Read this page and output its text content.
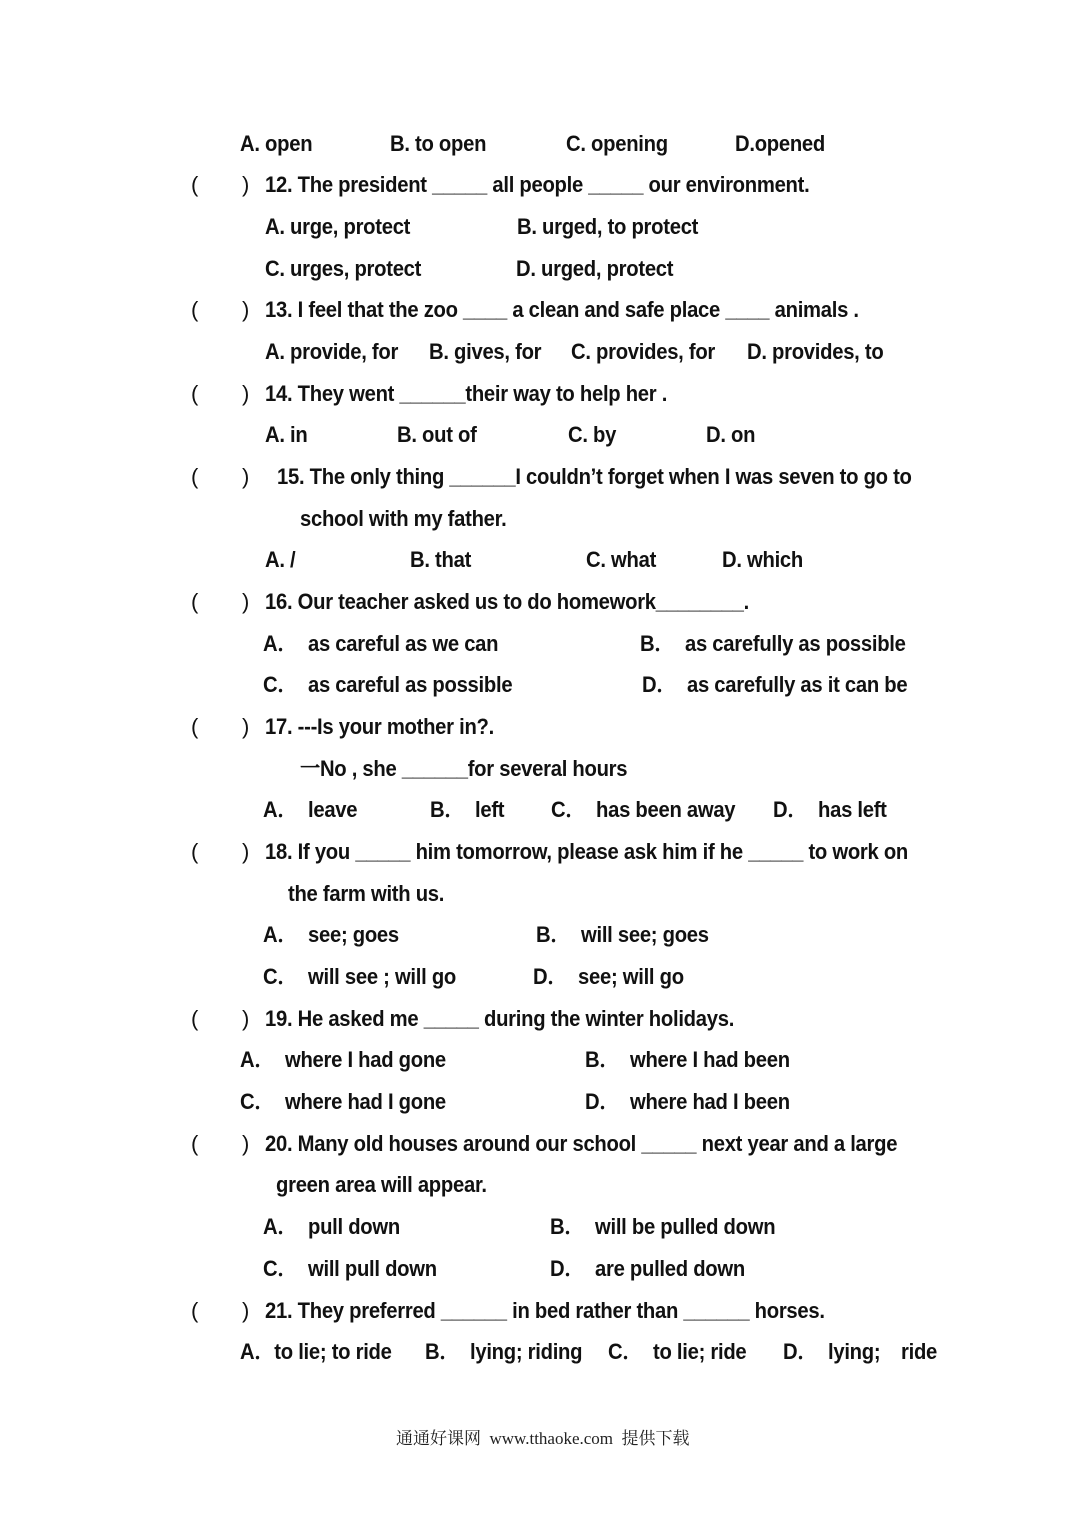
A. open	B. to open	C. opening	D.opened
( ) 12. The president _____ all people _____ our environment.
A. urge, protect	B. urged, to protect
C. urges, protect	D. urged, protect
( ) 13. I feel that the zoo ____ a clean and safe place ____ animals .
A. provide, for B. gives, for C. provides, for D. provides, to
( ) 14. They went ______their way to help her .
A. in	B. out of	C. by	D. on
( ) 15. The only thing ______I couldn’t forget when I was seven to go to
school with my father.
A. /	B. that	C. what	D. which
( ) 16. Our teacher asked us to do homework________.
A．  as careful as we can	B．  as carefully as possible
C．  as careful as possible	D．  as carefully as it can be
( ) 17. ---Is your mother in?.
一No , she ______for several hours
A．  leave	B．  left C．  has been away D．  has left
( ) 18. If you _____ him tomorrow, please ask him if he _____ to work on
the farm with us.
A．  see; goes	B．  will see; goes
C．  will see ; will go	D．  see; will go
( ) 19. He asked me _____ during the winter holidays.
A．  where I had gone	B．  where I had been
C．  where had I gone	D．  where had I been
( ) 20. Many old houses around our school _____ next year and a large
green area will appear.
A．  pull down	B．  will be pulled down
C．  will pull down	D．  are pulled down
( ) 21. They preferred ______ in bed rather than ______ horses.
A．to lie; to ride B．  lying; riding C．  to lie; ride D．  lying; ride
通通好课网  www.tthaoke.com  提供下载
